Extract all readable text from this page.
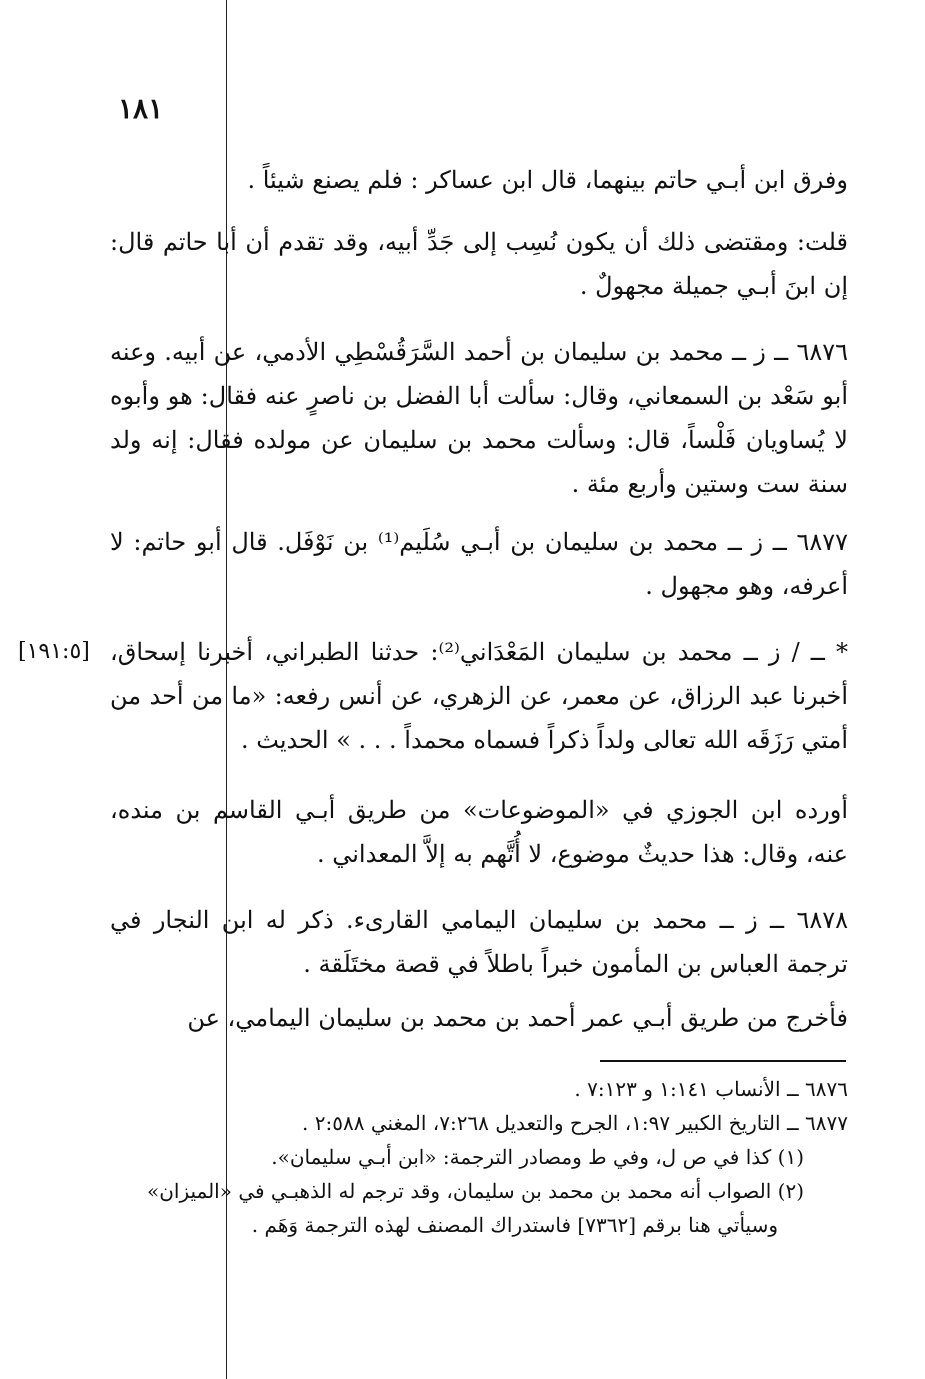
١٨١

وفرق ابن أبـي حاتم بينهما، قال ابن عساكر : فلم يصنع شيئاً .

قلت: ومقتضى ذلك أن يكون نُسِب إلى جَدِّ أبيه، وقد تقدم أن أبا حاتم قال: إن ابنَ أبـي جميلة مجهولٌ .

٦٨٧٦ ــ ز ــ محمد بن سليمان بن أحمد السَّرَقُسْطِي الأدمي، عن أبيه. وعنه أبو سَعْد بن السمعاني، وقال: سألت أبا الفضل بن ناصرٍ عنه فقال: هو وأبوه لا يُساويان فَلْساً، قال: وسألت محمد بن سليمان عن مولده فقال: إنه ولد سنة ست وستين وأربع مئة .

٦٨٧٧ ــ ز ــ محمد بن سليمان بن أبـي سُلَيم⁽¹⁾ بن نَوْفَل. قال أبو حاتم: لا أعرفه، وهو مجهول .

[١٩١:٥] * ــ / ز ــ محمد بن سليمان المَعْدَاني⁽²⁾: حدثنا الطبراني، أخبرنا إسحاق، أخبرنا عبد الرزاق، عن معمر، عن الزهري، عن أنس رفعه: «ما من أحد من أمتي رَزَقَه الله تعالى ولداً ذكراً فسماه محمداً . . . » الحديث .

أورده ابن الجوزي في «الموضوعات» من طريق أبـي القاسم بن منده، عنه، وقال: هذا حديثٌ موضوع، لا أُتَّهم به إلاَّ المعداني .

٦٨٧٨ ــ ز ــ محمد بن سليمان اليمامي القارىء. ذكر له ابن النجار في ترجمة العباس بن المأمون خبراً باطلاً في قصة مختَلَقة .

فأخرج من طريق أبـي عمر أحمد بن محمد بن سليمان اليمامي، عن

٦٨٧٦ ــ الأنساب ١:١٤١ و ٧:١٢٣ .

٦٨٧٧ ــ التاريخ الكبير ١:٩٧، الجرح والتعديل ٧:٢٦٨، المغني ٢:٥٨٨ .

(١) كذا في ص ل، وفي ط ومصادر الترجمة: «ابن أبـي سليمان».

(٢) الصواب أنه محمد بن محمد بن سليمان، وقد ترجم له الذهبـي في «الميزان»

وسيأتي هنا برقم [٧٣٦٢] فاستدراك المصنف لهذه الترجمة وَهَم .
